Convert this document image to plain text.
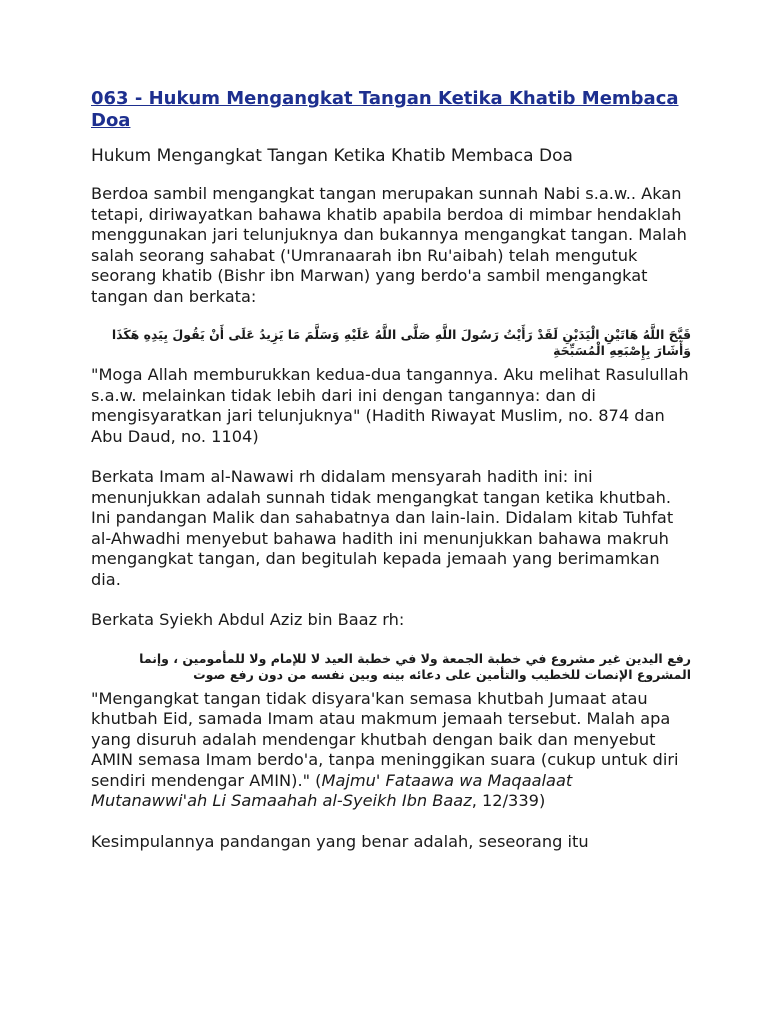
063 - Hukum Mengangkat Tangan Ketika Khatib Membaca Doa
Hukum Mengangkat Tangan Ketika Khatib Membaca Doa

Berdoa sambil mengangkat tangan merupakan sunnah Nabi s.a.w.. Akan tetapi, diriwayatkan bahawa khatib apabila berdoa di mimbar hendaklah menggunakan jari telunjuknya dan bukannya mengangkat tangan. Malah salah seorang sahabat ('Umranaarah ibn Ru'aibah) telah mengutuk seorang khatib (Bishr ibn Marwan) yang berdo'a sambil mengangkat tangan dan berkata:

قَبَّحَ اللَّهُ هَاتَيْنِ الْيَدَيْنِ لَقَدْ رَأَيْتُ رَسُولَ اللَّهِ صَلَّى اللَّهُ عَلَيْهِ وَسَلَّمَ مَا يَزِيدُ عَلَى أَنْ يَقُولَ بِيَدِهِ هَكَذَا وَأَشَارَ بِإِصْبَعِهِ الْمُسَبِّحَةِ

"Moga Allah memburukkan kedua-dua tangannya. Aku melihat Rasulullah s.a.w. melainkan tidak lebih dari ini dengan tangannya: dan di mengisyaratkan jari telunjuknya" (Hadith Riwayat Muslim, no. 874 dan Abu Daud, no. 1104)

Berkata Imam al-Nawawi rh didalam mensyarah hadith ini: ini menunjukkan adalah sunnah tidak mengangkat tangan ketika khutbah. Ini pandangan Malik dan sahabatnya dan lain-lain. Didalam kitab Tuhfat al-Ahwadhi menyebut bahawa hadith ini menunjukkan bahawa makruh mengangkat tangan, dan begitulah kepada jemaah yang berimamkan dia.

Berkata Syiekh Abdul Aziz bin Baaz rh:

رفع اليدين غير مشروع في خطبة الجمعة ولا في خطبة العيد لا للإمام ولا للمأمومين ، وإنما المشروع الإنصات للخطيب والتأمين على دعائه بينه وبين نفسه من دون رفع صوت

"Mengangkat tangan tidak disyara'kan semasa khutbah Jumaat atau khutbah Eid, samada Imam atau makmum jemaah tersebut. Malah apa yang disuruh adalah mendengar khutbah dengan baik dan menyebut AMIN semasa Imam berdo'a, tanpa meninggikan suara (cukup untuk diri sendiri mendengar AMIN)." (Majmu' Fataawa wa Maqaalaat Mutanawwi'ah Li Samaahah al-Syeikh Ibn Baaz, 12/339)

Kesimpulannya pandangan yang benar adalah, seseorang itu
